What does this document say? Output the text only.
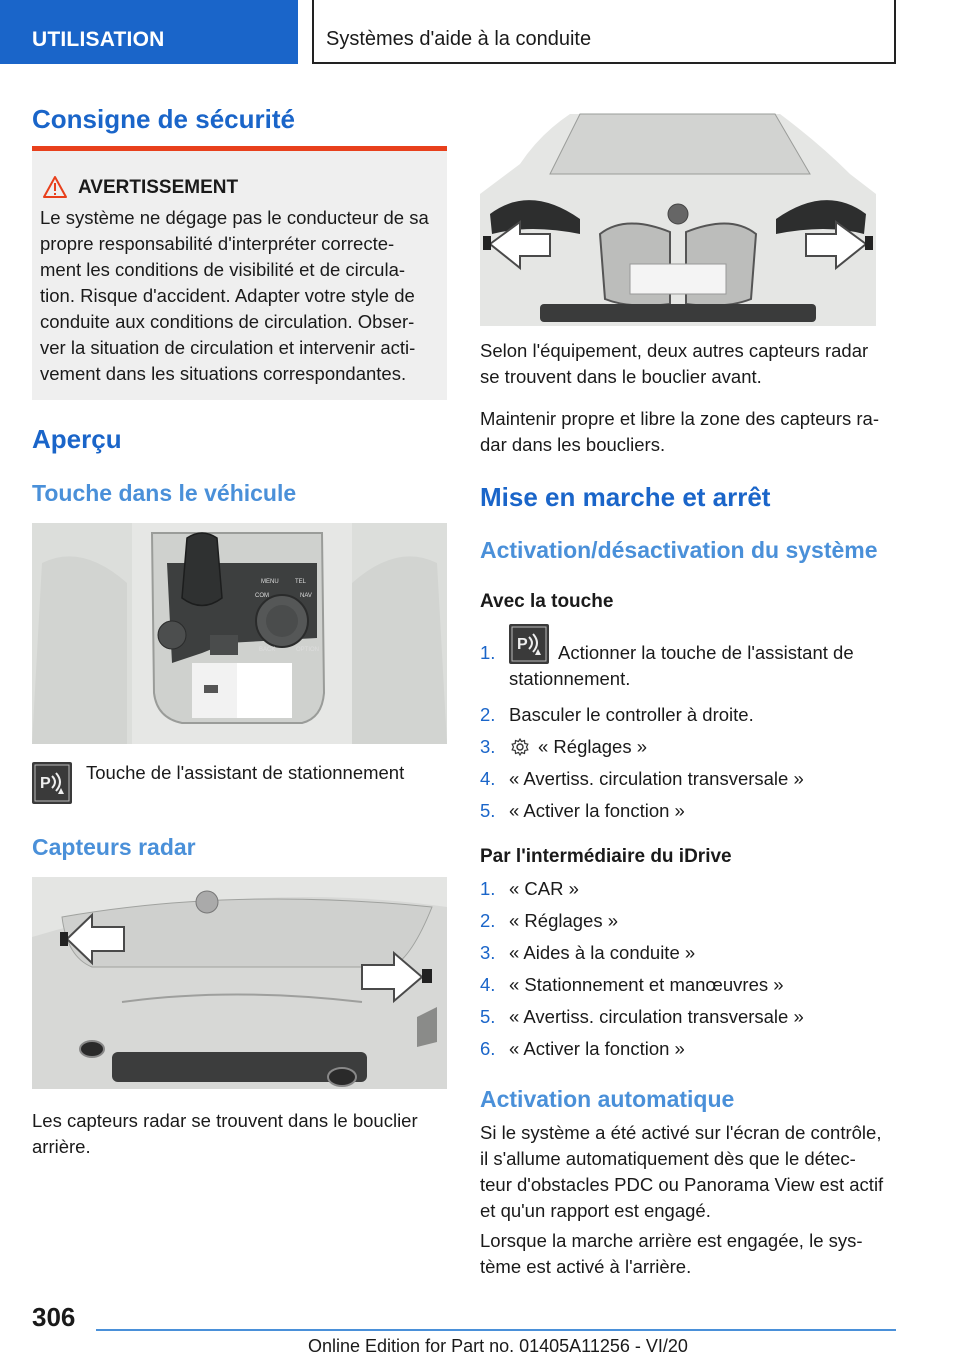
UTILISATION	Systèmes d'aide à la conduite
Consigne de sécurité
AVERTISSEMENT
Le système ne dégage pas le conducteur de sa
propre responsabilité d'interpréter correcte-
ment les conditions de visibilité et de circula-
tion. Risque d'accident. Adapter votre style de
conduite aux conditions de circulation. Obser-
ver la situation de circulation et intervenir acti-
vement dans les situations correspondantes.
Aperçu
Touche dans le véhicule
MENU	TEL
COM	NAV
BACK	OPTION
P
Touche de l'assistant de stationnement
Capteurs radar
Les capteurs radar se trouvent dans le bouclier
arrière.
Selon l'équipement, deux autres capteurs radar
se trouvent dans le bouclier avant.
Maintenir propre et libre la zone des capteurs ra-
dar dans les boucliers.
Mise en marche et arrêt
Activation/désactivation du système
Avec la touche
1. P Actionner la touche de l'assistant de
stationnement.
2. Basculer le controller à droite.
3. « Réglages »
4. « Avertiss. circulation transversale »
5. « Activer la fonction »
Par l'intermédiaire du iDrive
1. « CAR »
2. « Réglages »
3. « Aides à la conduite »
4. « Stationnement et manœuvres »
5. « Avertiss. circulation transversale »
6. « Activer la fonction »
Activation automatique
Si le système a été activé sur l'écran de contrôle,
il s'allume automatiquement dès que le détec-
teur d'obstacles PDC ou Panorama View est actif
et qu'un rapport est engagé.
Lorsque la marche arrière est engagée, le sys-
tème est activé à l'arrière.
306
Online Edition for Part no. 01405A11256 - VI/20
